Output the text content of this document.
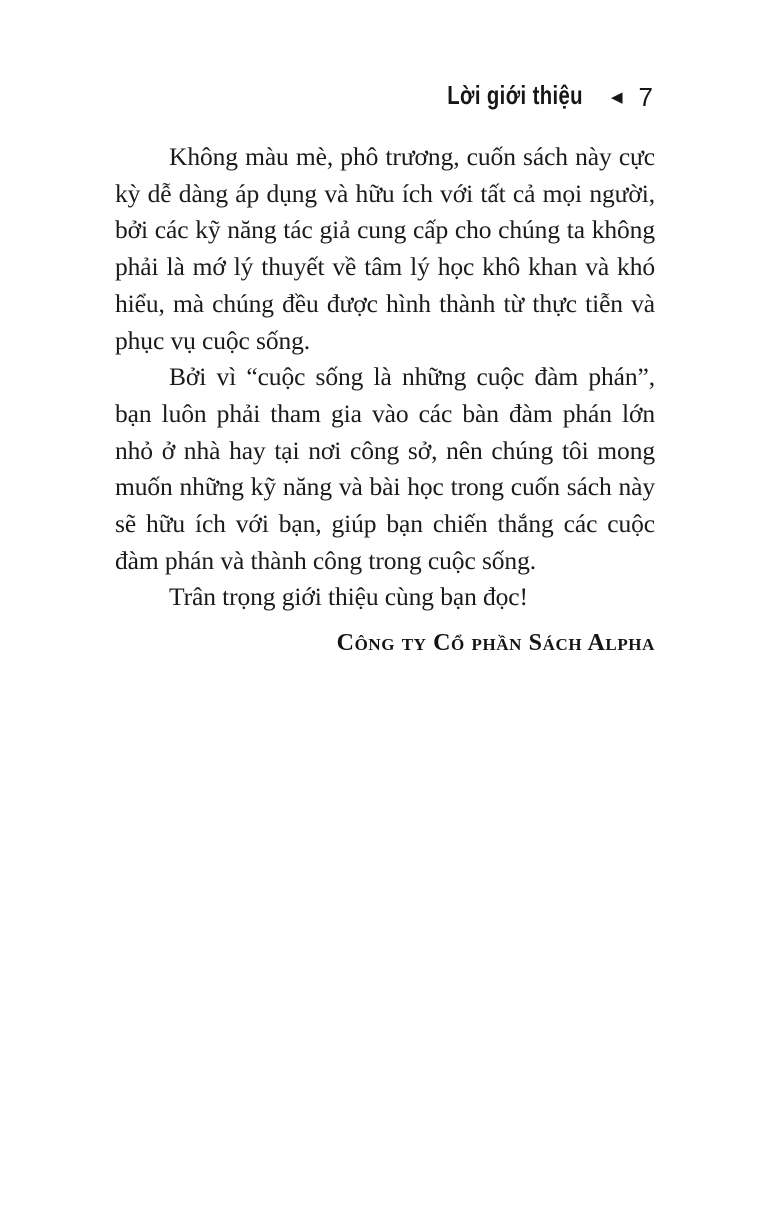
Lời giới thiệu ◀ 7

Không màu mè, phô trương, cuốn sách này cực kỳ dễ dàng áp dụng và hữu ích với tất cả mọi người, bởi các kỹ năng tác giả cung cấp cho chúng ta không phải là mớ lý thuyết về tâm lý học khô khan và khó hiểu, mà chúng đều được hình thành từ thực tiễn và phục vụ cuộc sống.

Bởi vì “cuộc sống là những cuộc đàm phán”, bạn luôn phải tham gia vào các bàn đàm phán lớn nhỏ ở nhà hay tại nơi công sở, nên chúng tôi mong muốn những kỹ năng và bài học trong cuốn sách này sẽ hữu ích với bạn, giúp bạn chiến thắng các cuộc đàm phán và thành công trong cuộc sống.

Trân trọng giới thiệu cùng bạn đọc!

Công ty Cổ phần Sách Alpha
